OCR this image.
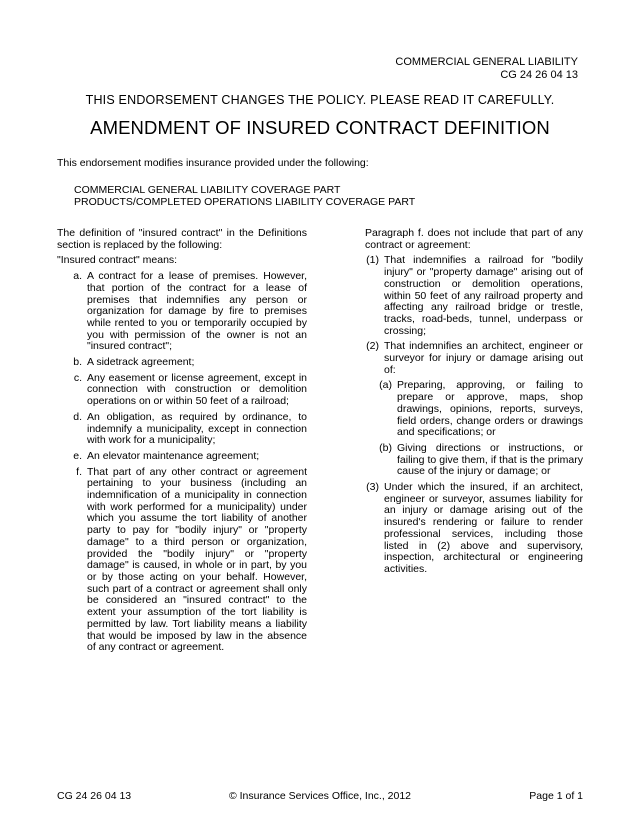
COMMERCIAL GENERAL LIABILITY
CG 24 26 04 13
THIS ENDORSEMENT CHANGES THE POLICY. PLEASE READ IT CAREFULLY.
AMENDMENT OF INSURED CONTRACT DEFINITION
This endorsement modifies insurance provided under the following:
COMMERCIAL GENERAL LIABILITY COVERAGE PART
PRODUCTS/COMPLETED OPERATIONS LIABILITY COVERAGE PART

The definition of "insured contract" in the Definitions section is replaced by the following:

"Insured contract" means:

a. A contract for a lease of premises. However, that portion of the contract for a lease of premises that indemnifies any person or organization for damage by fire to premises while rented to you or temporarily occupied by you with permission of the owner is not an "insured contract";
b. A sidetrack agreement;
c. Any easement or license agreement, except in connection with construction or demolition operations on or within 50 feet of a railroad;
d. An obligation, as required by ordinance, to indemnify a municipality, except in connection with work for a municipality;
e. An elevator maintenance agreement;
f. That part of any other contract or agreement pertaining to your business (including an indemnification of a municipality in connection with work performed for a municipality) under which you assume the tort liability of another party to pay for "bodily injury" or "property damage" to a third person or organization, provided the "bodily injury" or "property damage" is caused, in whole or in part, by you or by those acting on your behalf. However, such part of a contract or agreement shall only be considered an "insured contract" to the extent your assumption of the tort liability is permitted by law. Tort liability means a liability that would be imposed by law in the absence of any contract or agreement.

Paragraph f. does not include that part of any contract or agreement:

(1) That indemnifies a railroad for "bodily injury" or "property damage" arising out of construction or demolition operations, within 50 feet of any railroad property and affecting any railroad bridge or trestle, tracks, road-beds, tunnel, underpass or crossing;
(2) That indemnifies an architect, engineer or surveyor for injury or damage arising out of:
(a) Preparing, approving, or failing to prepare or approve, maps, shop drawings, opinions, reports, surveys, field orders, change orders or drawings and specifications; or
(b) Giving directions or instructions, or failing to give them, if that is the primary cause of the injury or damage; or
(3) Under which the insured, if an architect, engineer or surveyor, assumes liability for an injury or damage arising out of the insured's rendering or failure to render professional services, including those listed in (2) above and supervisory, inspection, architectural or engineering activities.
CG 24 26 04 13	© Insurance Services Office, Inc., 2012	Page 1 of 1
